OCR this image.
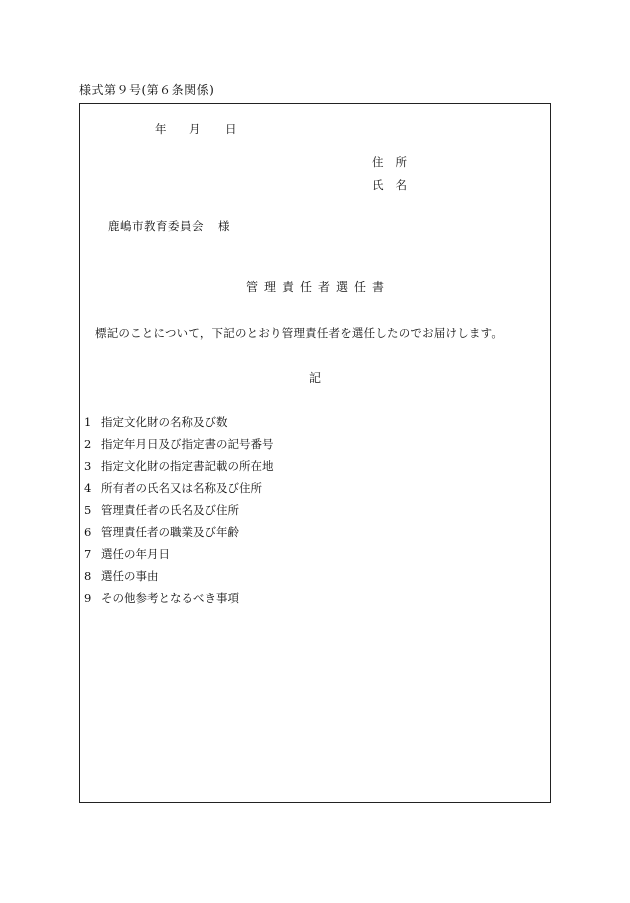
様式第９号(第６条関係)
年	月	日
住所
氏名
鹿嶋市教育委員会 様
管理責任者選任書
標記のことについて，下記のとおり管理責任者を選任したのでお届けします。
記
1 指定文化財の名称及び数
2 指定年月日及び指定書の記号番号
3 指定文化財の指定書記載の所在地
4 所有者の氏名又は名称及び住所
5 管理責任者の氏名及び住所
6 管理責任者の職業及び年齢
7 選任の年月日
8 選任の事由
9 その他参考となるべき事項
